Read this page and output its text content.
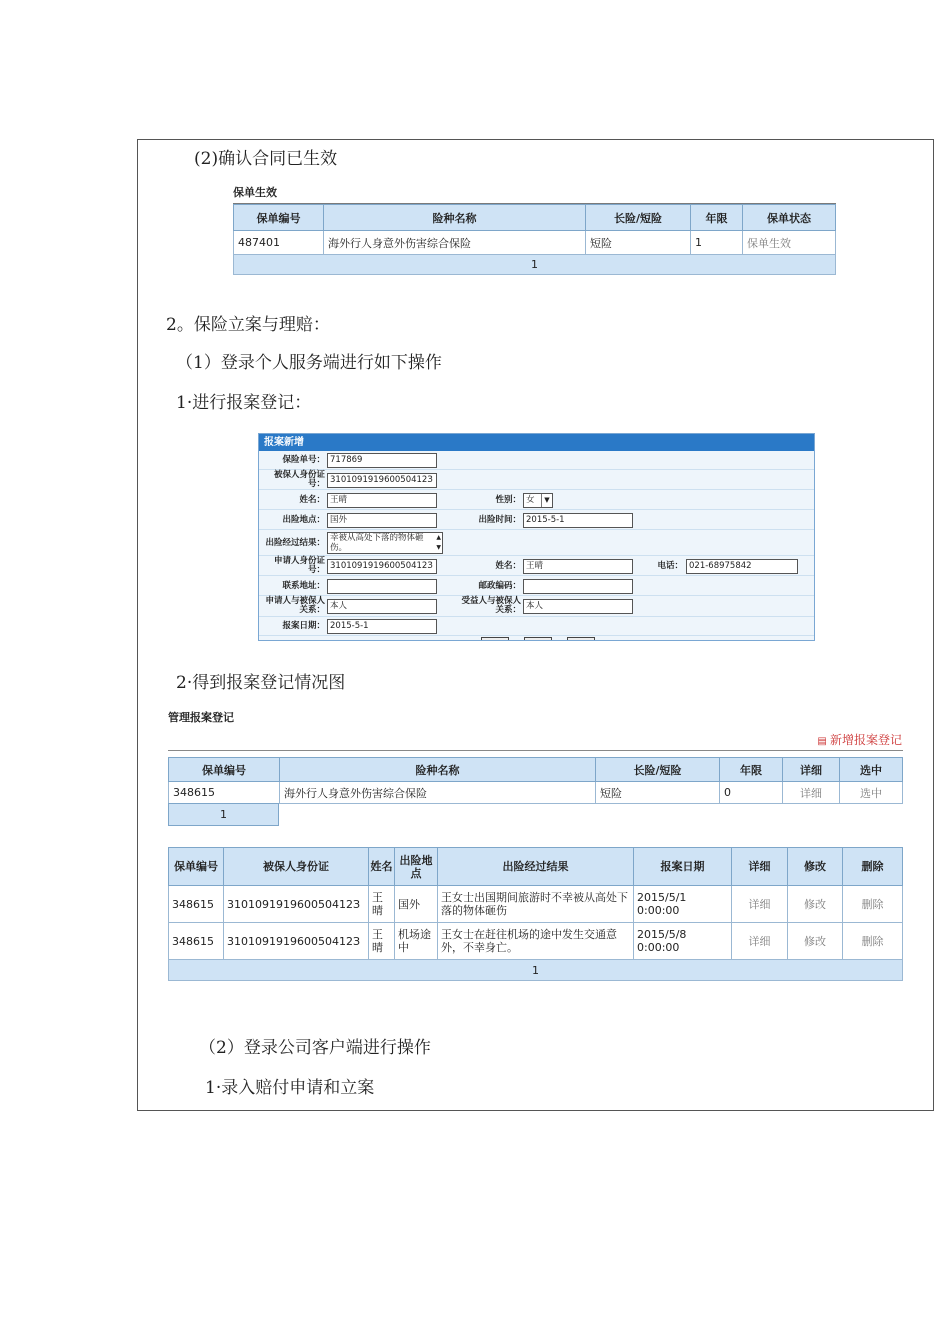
(2)确认合同已生效
保单生效
保单编号	险种名称	长险/短险	年限	保单状态
487401	海外行人身意外伤害综合保险	短险	1	保单生效
1				
2。保险立案与理赔：
（1）登录个人服务端进行如下操作
1·进行报案登记：
报案新增
保险单号： 717869
被保人身份证号： 310109191960050412З
姓名： 王晴	性别： 女	▼
出险地点： 国外	出险时间： 2015-5-1
出险经过结果： 幸被从高处下落的物体砸伤。
▲
▼
申请人身份证号： 310109191960050412З	姓名： 王晴	电话： 021-68975842
联系地址：	邮政编码：
申请人与被保人关系： 本人	受益人与被保人关系： 本人
报案日期： 2015-5-1
2·得到报案登记情况图
管理报案登记
▤ 新增报案登记
保单编号	险种名称	长险/短险	年限	详细	选中
348615	海外行人身意外伤害综合保险	短险	0	详细	选中
1
保单编号	被保人身份证	姓名	出险地点	出险经过结果	报案日期	详细	修改	删除
348615	310109191960050412З	王晴	国外	王女士出国期间旅游时不幸被从高处下落的物体砸伤	2015/5/1 0:00:00	详细	修改	删除
348615	310109191960050412З	王晴	机场途中	王女士在赶往机场的途中发生交通意外，不幸身亡。	2015/5/8 0:00:00	详细	修改	删除
1								
（2）登录公司客户端进行操作
1·录入赔付申请和立案
